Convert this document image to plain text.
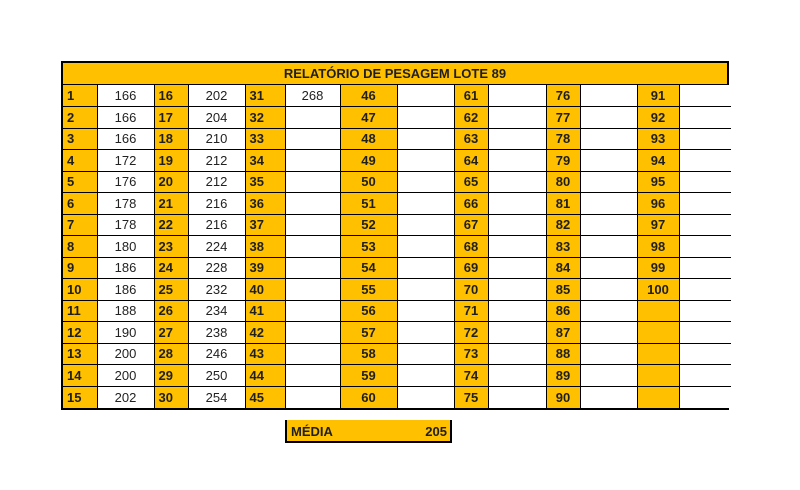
RELATÓRIO DE PESAGEM LOTE 89
1	166	16	202	31	268	46		61		76		91	
2	166	17	204	32		47		62		77		92	
3	166	18	210	33		48		63		78		93	
4	172	19	212	34		49		64		79		94	
5	176	20	212	35		50		65		80		95	
6	178	21	216	36		51		66		81		96	
7	178	22	216	37		52		67		82		97	
8	180	23	224	38		53		68		83		98	
9	186	24	228	39		54		69		84		99	
10	186	25	232	40		55		70		85		100	
11	188	26	234	41		56		71		86			
12	190	27	238	42		57		72		87			
13	200	28	246	43		58		73		88			
14	200	29	250	44		59		74		89			
15	202	30	254	45		60		75		90			
MÉDIA	205
